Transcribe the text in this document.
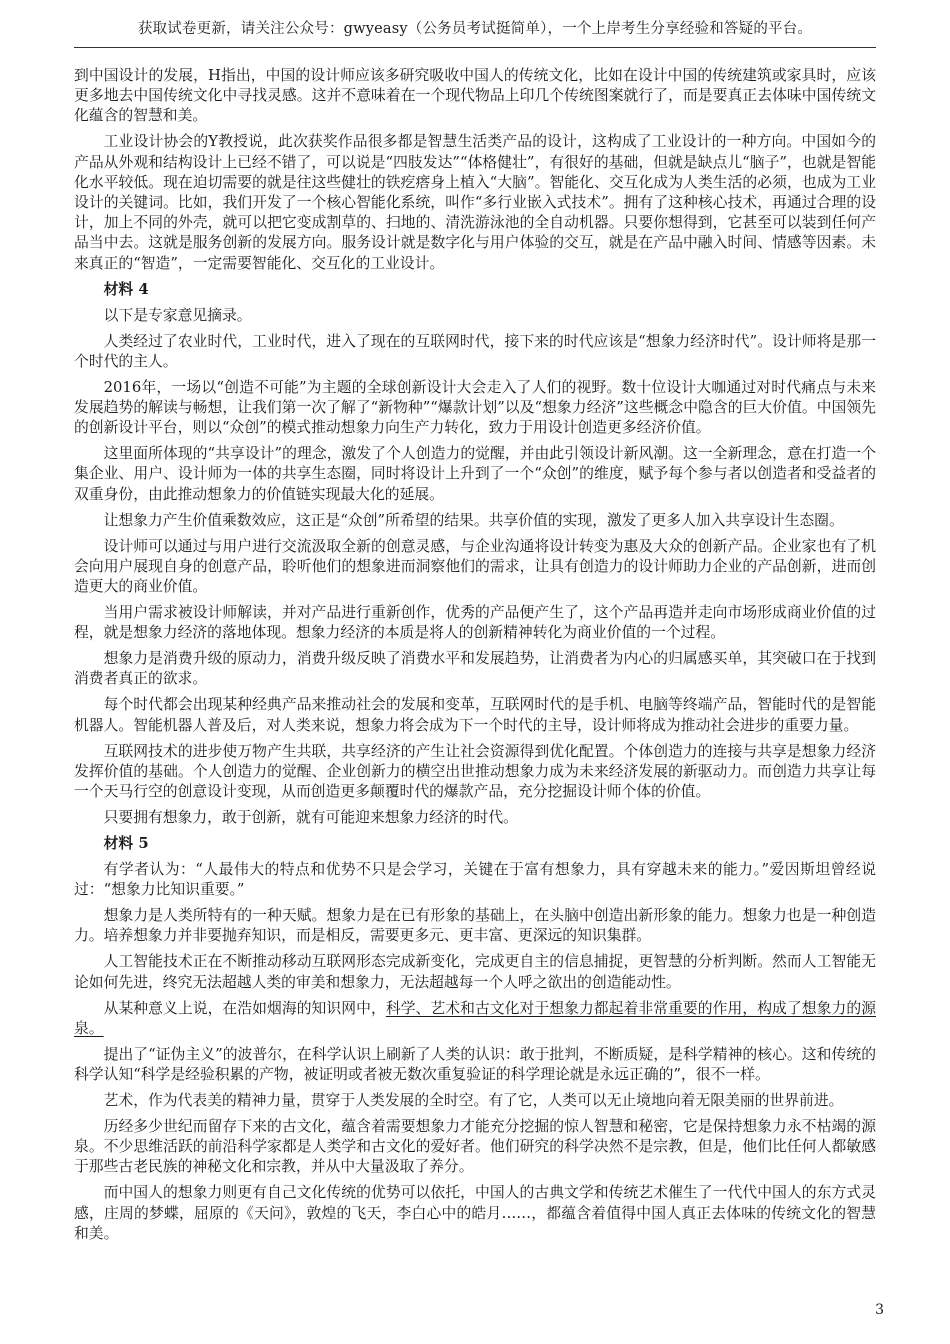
获取试卷更新，请关注公众号：gwyeasy（公务员考试挺简单），一个上岸考生分享经验和答疑的平台。

到中国设计的发展，H指出，中国的设计师应该多研究吸收中国人的传统文化，比如在设计中国的传统建筑或家具时，应该更多地去中国传统文化中寻找灵感。这并不意味着在一个现代物品上印几个传统图案就行了，而是要真正去体味中国传统文化蕴含的智慧和美。

工业设计协会的Y教授说，此次获奖作品很多都是智慧生活类产品的设计，这构成了工业设计的一种方向。中国如今的产品从外观和结构设计上已经不错了，可以说是“四肢发达”“体格健壮”，有很好的基础，但就是缺点儿“脑子”，也就是智能化水平较低。现在迫切需要的就是往这些健壮的铁疙瘩身上植入“大脑”。智能化、交互化成为人类生活的必须，也成为工业设计的关键词。比如，我们开发了一个核心智能化系统，叫作“多行业嵌入式技术”。拥有了这种核心技术，再通过合理的设计，加上不同的外壳，就可以把它变成割草的、扫地的、清洗游泳池的全自动机器。只要你想得到，它甚至可以装到任何产品当中去。这就是服务创新的发展方向。服务设计就是数字化与用户体验的交互，就是在产品中融入时间、情感等因素。未来真正的“智造”，一定需要智能化、交互化的工业设计。

材料 4

以下是专家意见摘录。

人类经过了农业时代，工业时代，进入了现在的互联网时代，接下来的时代应该是“想象力经济时代”。设计师将是那一个时代的主人。

2016年，一场以“创造不可能”为主题的全球创新设计大会走入了人们的视野。数十位设计大咖通过对时代痛点与未来发展趋势的解读与畅想，让我们第一次了解了“新物种”“爆款计划”以及“想象力经济”这些概念中隐含的巨大价值。中国领先的创新设计平台，则以“众创”的模式推动想象力向生产力转化，致力于用设计创造更多经济价值。

这里面所体现的“共享设计”的理念，激发了个人创造力的觉醒，并由此引领设计新风潮。这一全新理念，意在打造一个集企业、用户、设计师为一体的共享生态圈，同时将设计上升到了一个“众创”的维度，赋予每个参与者以创造者和受益者的双重身份，由此推动想象力的价值链实现最大化的延展。

让想象力产生价值乘数效应，这正是“众创”所希望的结果。共享价值的实现，激发了更多人加入共享设计生态圈。

设计师可以通过与用户进行交流汲取全新的创意灵感，与企业沟通将设计转变为惠及大众的创新产品。企业家也有了机会向用户展现自身的创意产品，聆听他们的想象进而洞察他们的需求，让具有创造力的设计师助力企业的产品创新，进而创造更大的商业价值。

当用户需求被设计师解读，并对产品进行重新创作，优秀的产品便产生了，这个产品再造并走向市场形成商业价值的过程，就是想象力经济的落地体现。想象力经济的本质是将人的创新精神转化为商业价值的一个过程。

想象力是消费升级的原动力，消费升级反映了消费水平和发展趋势，让消费者为内心的归属感买单，其突破口在于找到消费者真正的欲求。

每个时代都会出现某种经典产品来推动社会的发展和变革，互联网时代的是手机、电脑等终端产品，智能时代的是智能机器人。智能机器人普及后，对人类来说，想象力将会成为下一个时代的主导，设计师将成为推动社会进步的重要力量。

互联网技术的进步使万物产生共联，共享经济的产生让社会资源得到优化配置。个体创造力的连接与共享是想象力经济发挥价值的基础。个人创造力的觉醒、企业创新力的横空出世推动想象力成为未来经济发展的新驱动力。而创造力共享让每一个天马行空的创意设计变现，从而创造更多颠覆时代的爆款产品，充分挖掘设计师个体的价值。

只要拥有想象力，敢于创新，就有可能迎来想象力经济的时代。

材料 5

有学者认为：“人最伟大的特点和优势不只是会学习，关键在于富有想象力，具有穿越未来的能力。”爱因斯坦曾经说过：“想象力比知识重要。”

想象力是人类所特有的一种天赋。想象力是在已有形象的基础上，在头脑中创造出新形象的能力。想象力也是一种创造力。培养想象力并非要抛弃知识，而是相反，需要更多元、更丰富、更深远的知识集群。

人工智能技术正在不断推动移动互联网形态完成新变化，完成更自主的信息捕捉，更智慧的分析判断。然而人工智能无论如何先进，终究无法超越人类的审美和想象力，无法超越每一个人呼之欲出的创造能动性。

从某种意义上说，在浩如烟海的知识网中，科学、艺术和古文化对于想象力都起着非常重要的作用，构成了想象力的源泉。

提出了“证伪主义”的波普尔，在科学认识上刷新了人类的认识：敢于批判，不断质疑，是科学精神的核心。这和传统的科学认知“科学是经验积累的产物，被证明或者被无数次重复验证的科学理论就是永远正确的”，很不一样。

艺术，作为代表美的精神力量，贯穿于人类发展的全时空。有了它，人类可以无止境地向着无限美丽的世界前进。

历经多少世纪而留存下来的古文化，蕴含着需要想象力才能充分挖掘的惊人智慧和秘密，它是保持想象力永不枯竭的源泉。不少思维活跃的前沿科学家都是人类学和古文化的爱好者。他们研究的科学决然不是宗教，但是，他们比任何人都敏感于那些古老民族的神秘文化和宗教，并从中大量汲取了养分。

而中国人的想象力则更有自己文化传统的优势可以依托，中国人的古典文学和传统艺术催生了一代代中国人的东方式灵感，庄周的梦蝶，屈原的《天问》，敦煌的飞天，李白心中的皓月……，都蕴含着值得中国人真正去体味的传统文化的智慧和美。

3
